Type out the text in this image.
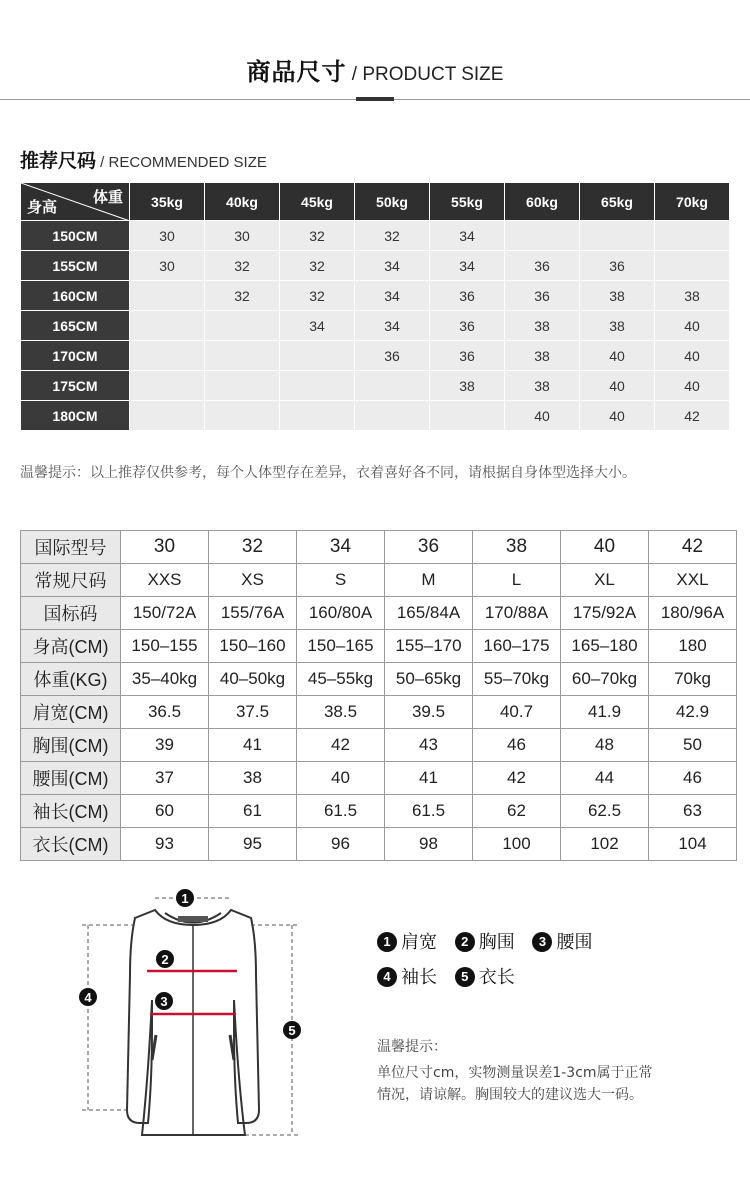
商品尺寸 / PRODUCT SIZE
推荐尺码 / RECOMMENDED SIZE
体重
身高	35kg	40kg	45kg	50kg	55kg	60kg	65kg	70kg
150CM	30	30	32	32	34			
155CM	30	32	32	34	34	36	36	
160CM		32	32	34	36	36	38	38
165CM			34	34	36	38	38	40
170CM				36	36	38	40	40
175CM					38	38	40	40
180CM						40	40	42
温馨提示：以上推荐仅供参考，每个人体型存在差异，衣着喜好各不同，请根据自身体型选择大小。
国际型号	30	32	34	36	38	40	42
常规尺码	XXS	XS	S	M	L	XL	XXL
国标码	150/72A	155/76A	160/80A	165/84A	170/88A	175/92A	180/96A
身高(CM)	150–155	150–160	150–165	155–170	160–175	165–180	180
体重(KG)	35–40kg	40–50kg	45–55kg	50–65kg	55–70kg	60–70kg	70kg
肩宽(CM)	36.5	37.5	38.5	39.5	40.7	41.9	42.9
胸围(CM)	39	41	42	43	46	48	50
腰围(CM)	37	38	40	41	42	44	46
袖长(CM)	60	61	61.5	61.5	62	62.5	63
衣长(CM)	93	95	96	98	100	102	104
1
2
3
4
5
1 肩宽 2 胸围 3 腰围
4 袖长 5 衣长
温馨提示：
单位尺寸cm，实物测量误差1-3cm属于正常
情况，请谅解。胸围较大的建议选大一码。
